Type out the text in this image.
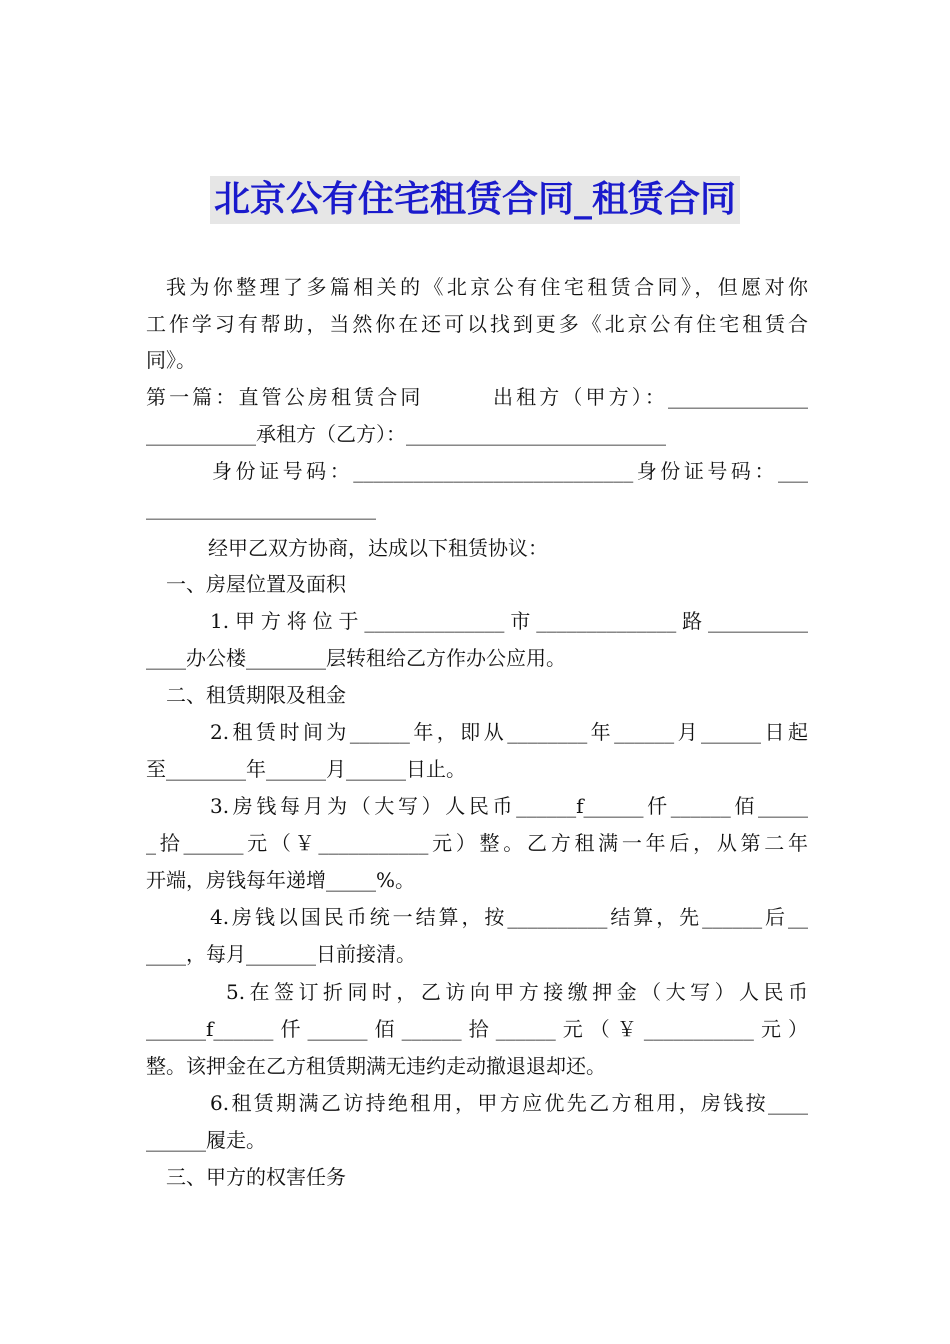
北京公有住宅租赁合同_租赁合同
我为你整理了多篇相关的《北京公有住宅租赁合同》，但愿对你
工作学习有帮助，当然你在还可以找到更多《北京公有住宅租赁合
同》。
第一篇：直管公房租赁合同　　　出租方（甲方）：______________
___________承租方（乙方）：__________________________
身份证号码：____________________________身份证号码：___
_______________________
经甲乙双方协商，达成以下租赁协议：
一、房屋位置及面积
1.甲方将位于______________市______________路__________
____办公楼________层转租给乙方作办公应用。
二、租赁期限及租金
2.租赁时间为______年，即从________年______月______日起
至________年______月______日止。
3.房钱每月为（大写）人民币______f______仟______佰_____
_拾______元（￥___________元）整。乙方租满一年后，从第二年
开端，房钱每年递增_____%。
4.房钱以国民币统一结算，按__________结算，先______后__
____，每月_______日前接清。
5.在签订折同时，乙访向甲方接缴押金（大写）人民币
______f______仟______佰______拾______元（￥___________元）
整。该押金在乙方租赁期满无违约走动撤退退却还。
6.租赁期满乙访持绝租用，甲方应优先乙方租用，房钱按____
______履走。
三、甲方的权害任务
